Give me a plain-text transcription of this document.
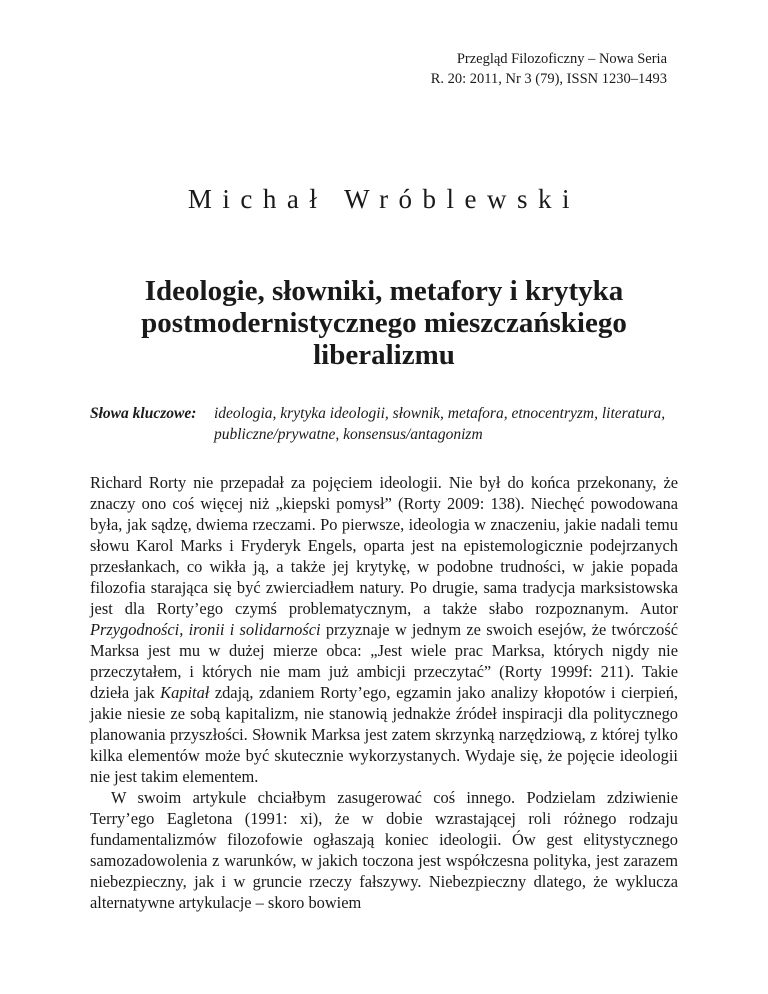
Przegląd Filozoficzny – Nowa Seria
R. 20: 2011, Nr 3 (79), ISSN 1230–1493
Michał Wróblewski
Ideologie, słowniki, metafory i krytyka postmodernistycznego mieszczańskiego liberalizmu
Słowa kluczowe: ideologia, krytyka ideologii, słownik, metafora, etnocentryzm, literatura, publiczne/prywatne, konsensus/antagonizm

Richard Rorty nie przepadał za pojęciem ideologii. Nie był do końca przekonany, że znaczy ono coś więcej niż „kiepski pomysł” (Rorty 2009: 138). Niechęć powodowana była, jak sądzę, dwiema rzeczami. Po pierwsze, ideologia w znaczeniu, jakie nadali temu słowu Karol Marks i Fryderyk Engels, oparta jest na epistemologicznie podejrzanych przesłankach, co wikła ją, a także jej krytykę, w podobne trudności, w jakie popada filozofia starająca się być zwierciadłem natury. Po drugie, sama tradycja marksistowska jest dla Rorty’ego czymś problematycznym, a także słabo rozpoznanym. Autor Przygodności, ironii i solidarności przyznaje w jednym ze swoich esejów, że twórczość Marksa jest mu w dużej mierze obca: „Jest wiele prac Marksa, których nigdy nie przeczytałem, i których nie mam już ambicji przeczytać” (Rorty 1999f: 211). Takie dzieła jak Kapitał zdają, zdaniem Rorty’ego, egzamin jako analizy kłopotów i cierpień, jakie niesie ze sobą kapitalizm, nie stanowią jednakże źródeł inspiracji dla politycznego planowania przyszłości. Słownik Marksa jest zatem skrzynką narzędziową, z której tylko kilka elementów może być skutecznie wykorzystanych. Wydaje się, że pojęcie ideologii nie jest takim elementem.

W swoim artykule chciałbym zasugerować coś innego. Podzielam zdziwienie Terry’ego Eagletona (1991: xi), że w dobie wzrastającej roli różnego rodzaju fundamentalizmów filozofowie ogłaszają koniec ideologii. Ów gest elitystycznego samozadowolenia z warunków, w jakich toczona jest współczesna polityka, jest zarazem niebezpieczny, jak i w gruncie rzeczy fałszywy. Niebezpieczny dlatego, że wyklucza alternatywne artykulacje – skoro bowiem
